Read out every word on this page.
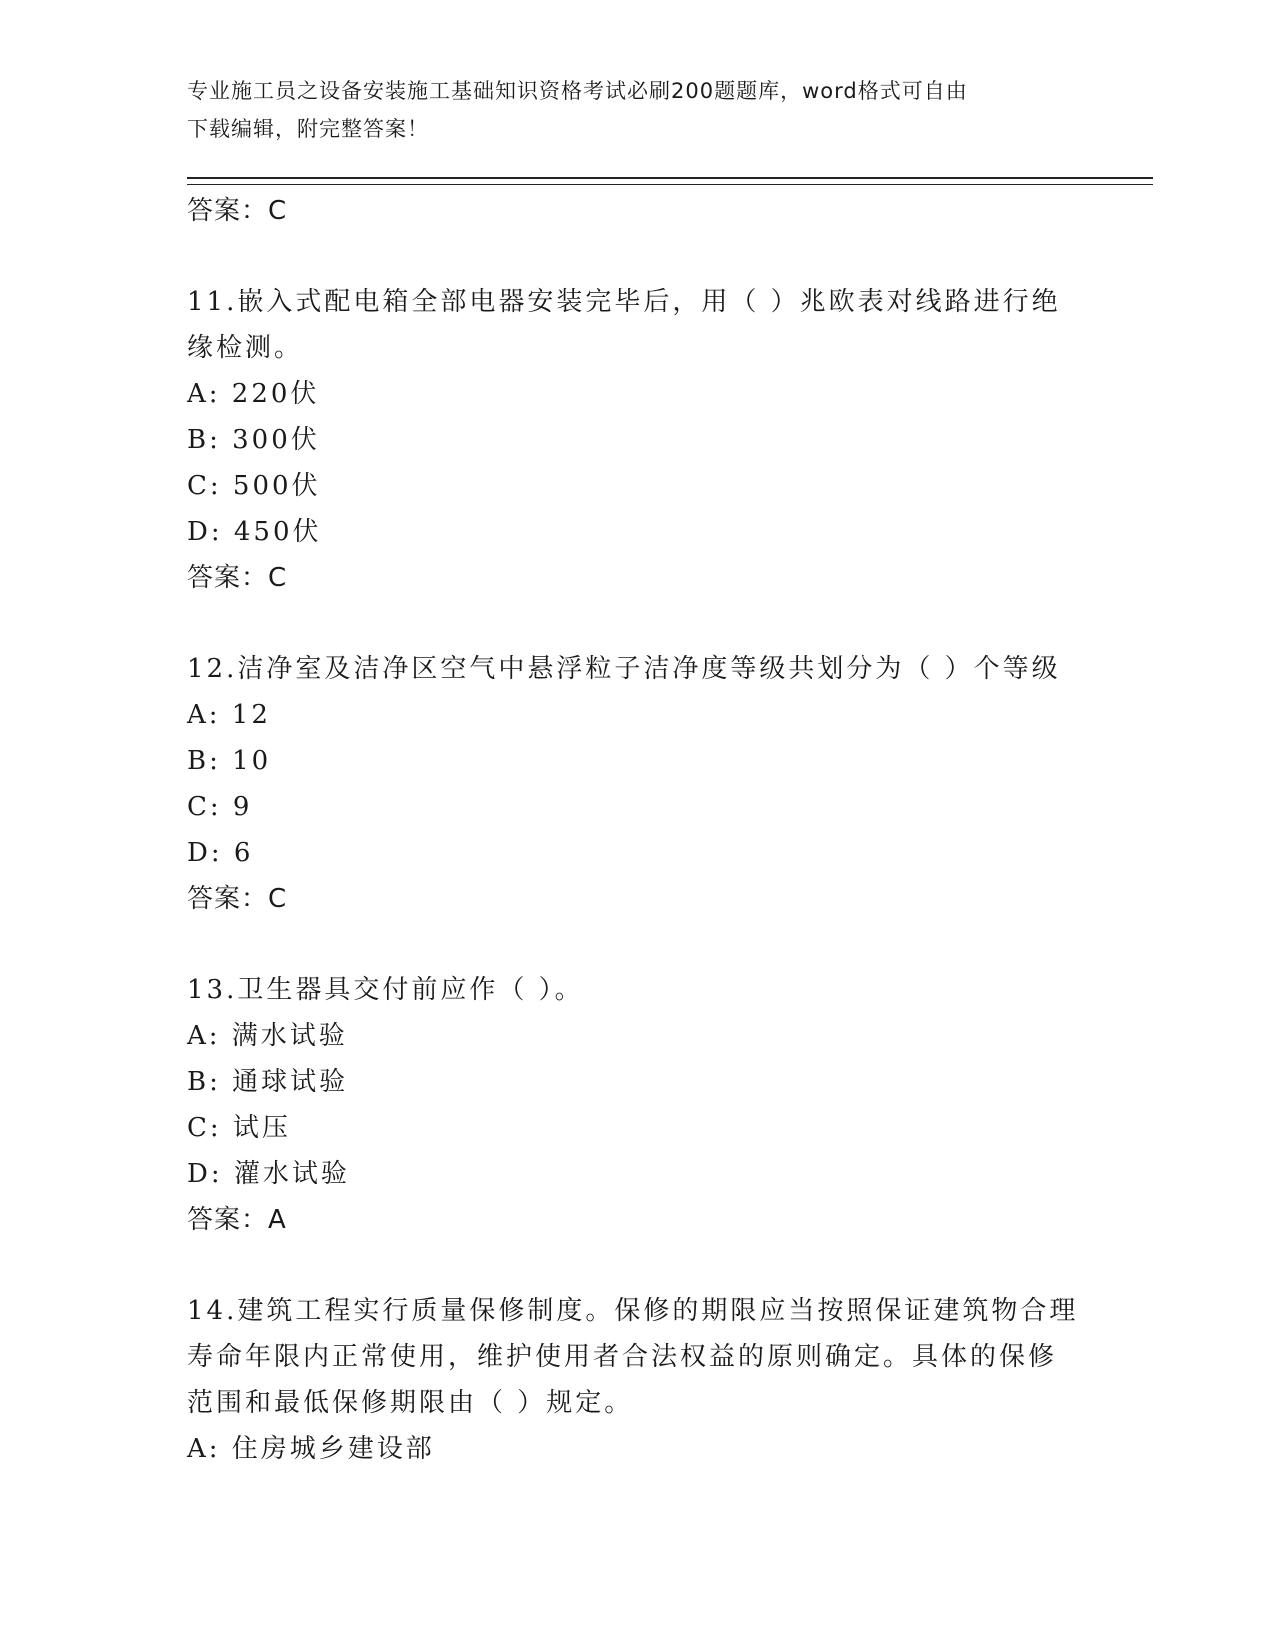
专业施工员之设备安装施工基础知识资格考试必刷200题题库，word格式可自由
下载编辑，附完整答案！
答案：C
11.嵌入式配电箱全部电器安装完毕后，用（ ）兆欧表对线路进行绝
缘检测。
A: 220伏
B: 300伏
C: 500伏
D: 450伏
答案：C
12.洁净室及洁净区空气中悬浮粒子洁净度等级共划分为（ ）个等级
A: 12
B: 10
C: 9
D: 6
答案：C
13.卫生器具交付前应作（ ）。
A: 满水试验
B: 通球试验
C: 试压
D: 灌水试验
答案：A
14.建筑工程实行质量保修制度。保修的期限应当按照保证建筑物合理
寿命年限内正常使用，维护使用者合法权益的原则确定。具体的保修
范围和最低保修期限由（ ）规定。
A: 住房城乡建设部
